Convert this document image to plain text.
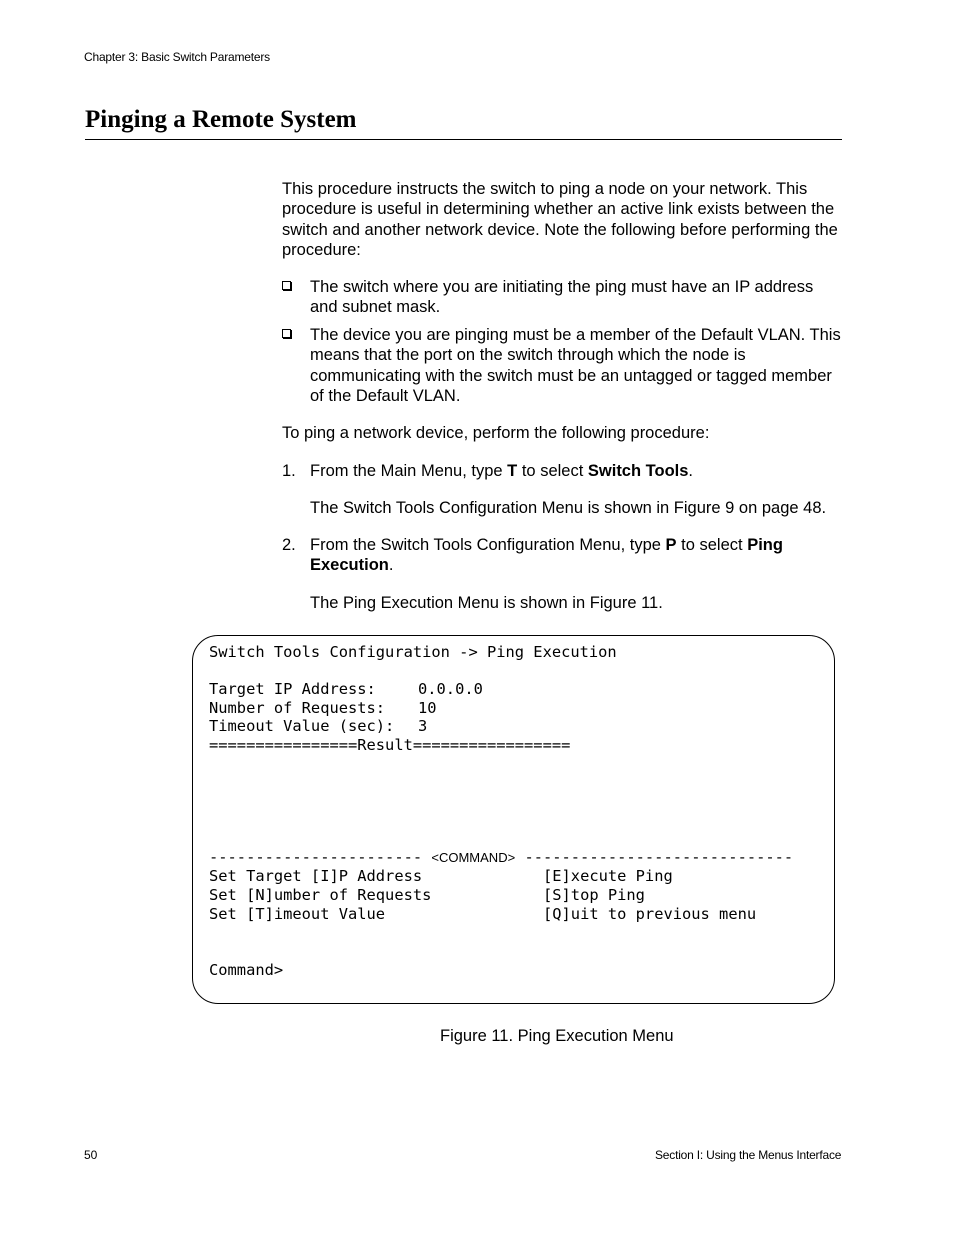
Chapter 3: Basic Switch Parameters
Pinging a Remote System
This procedure instructs the switch to ping a node on your network. This procedure is useful in determining whether an active link exists between the switch and another network device. Note the following before performing the procedure:
The switch where you are initiating the ping must have an IP address and subnet mask.
The device you are pinging must be a member of the Default VLAN. This means that the port on the switch through which the node is communicating with the switch must be an untagged or tagged member of the Default VLAN.
To ping a network device, perform the following procedure:
1. From the Main Menu, type T to select Switch Tools.
The Switch Tools Configuration Menu is shown in Figure 9 on page 48.
2. From the Switch Tools Configuration Menu, type P to select Ping Execution.
The Ping Execution Menu is shown in Figure 11.
Switch Tools Configuration -> Ping Execution
Target IP Address:	0.0.0.0
Number of Requests: 10
Timeout Value (sec): 3
================Result=================
----------------------- <COMMAND> -----------------------------
Set Target [I]P Address	[E]xecute Ping
Set [N]umber of Requests	[S]top Ping
Set [T]imeout Value	[Q]uit to previous menu
Command>
Figure 11. Ping Execution Menu
50	Section I: Using the Menus Interface
